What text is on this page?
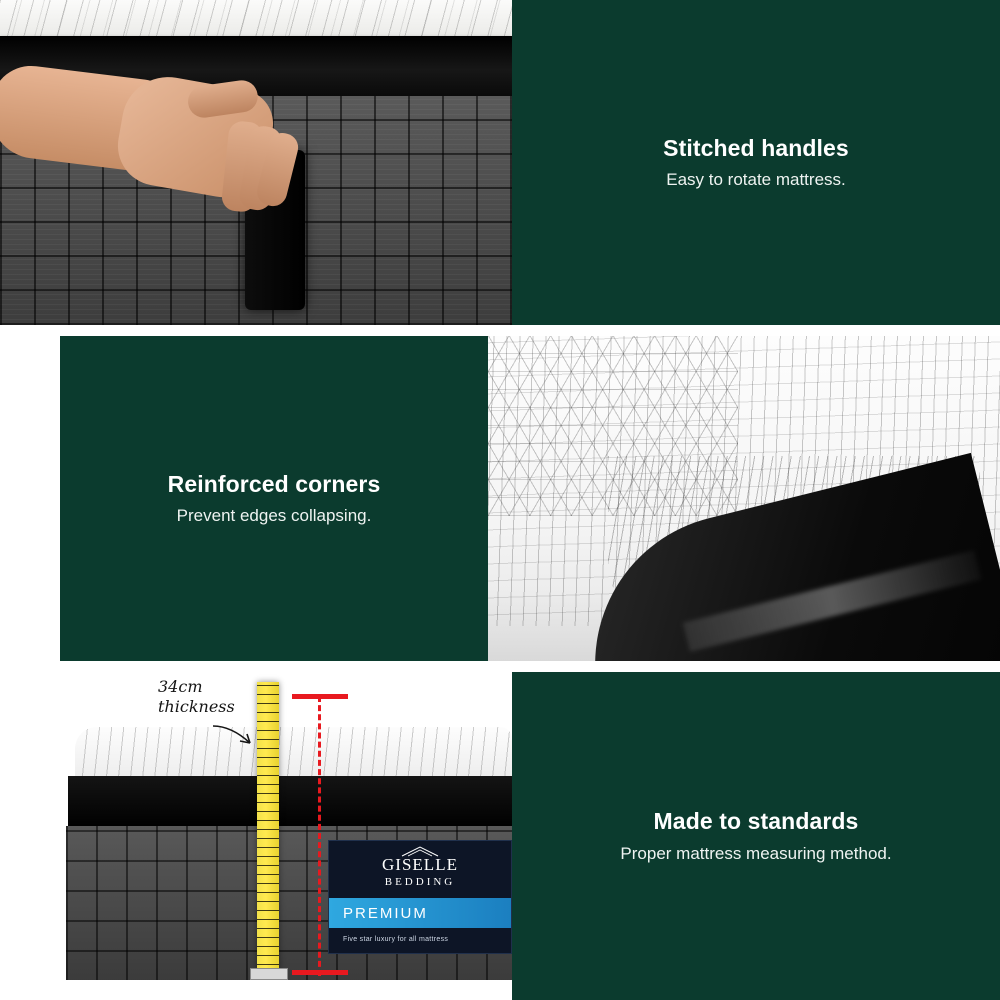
Stitched handles

Easy to rotate mattress.

Reinforced corners

Prevent edges collapsing.

GISELLE

BEDDING

PREMIUM
Five star luxury for all mattress
34cm
thickness

Made to standards

Proper mattress measuring method.
